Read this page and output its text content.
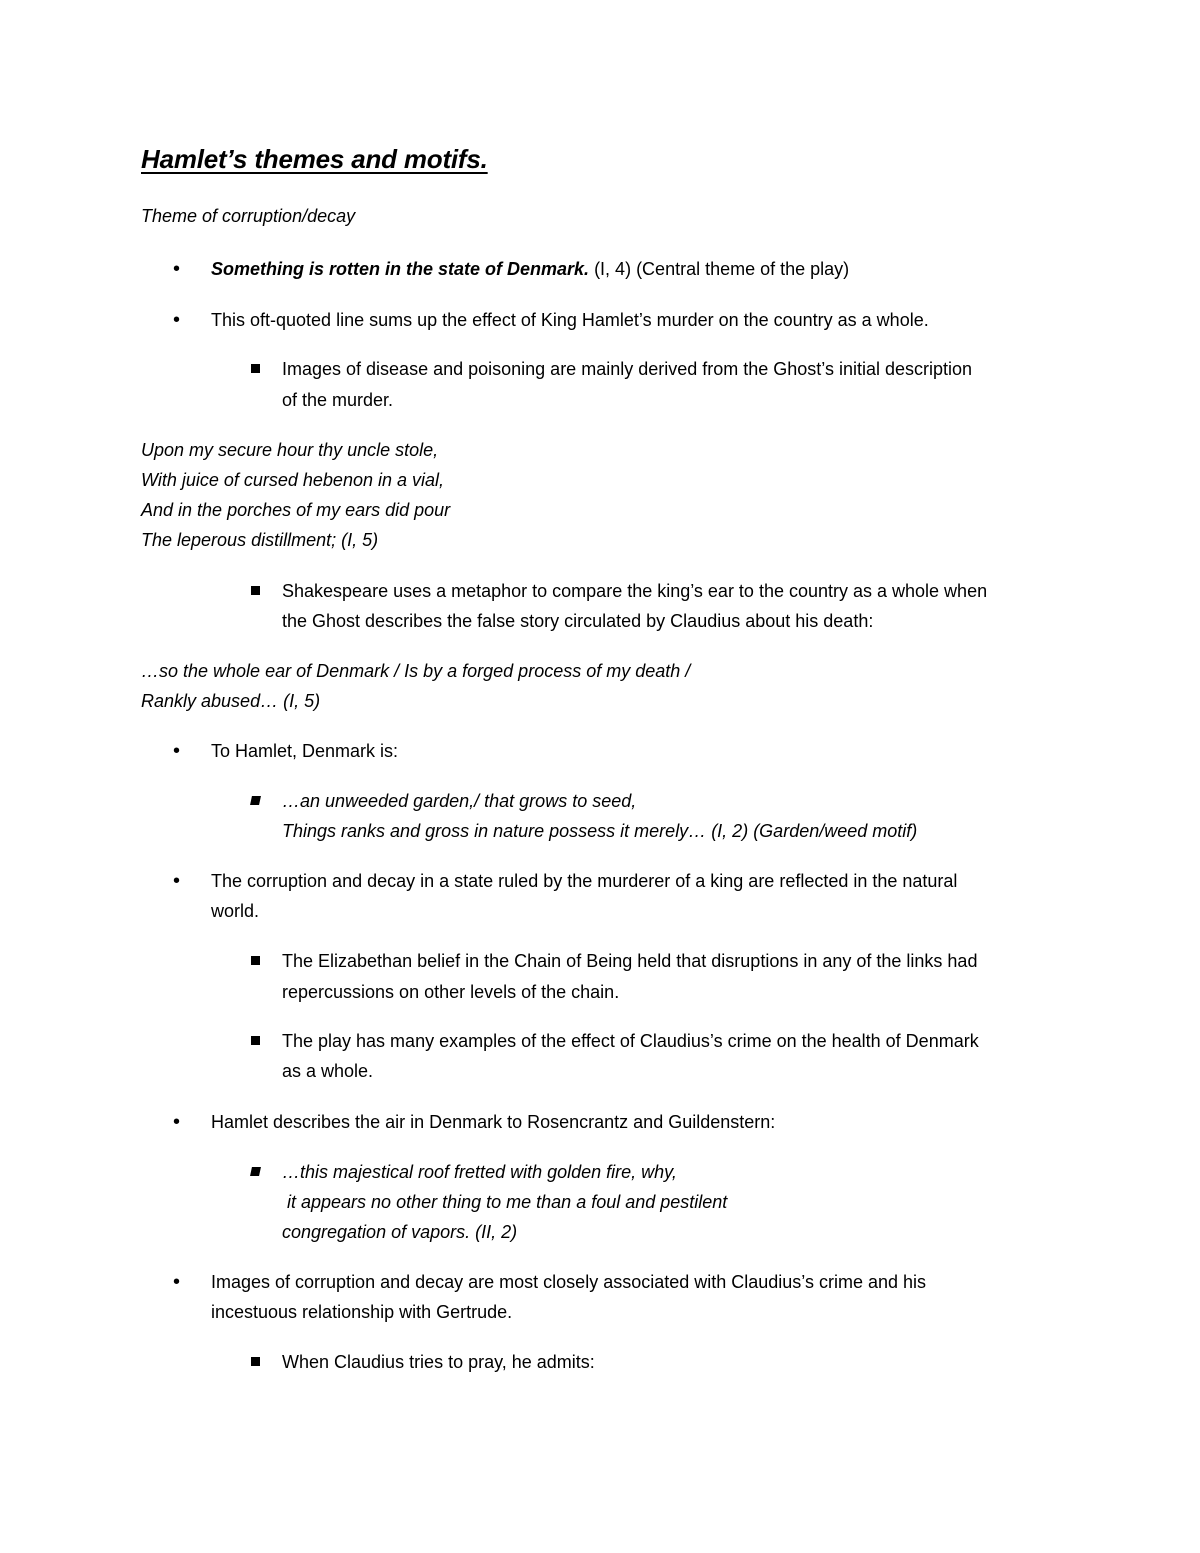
Hamlet’s themes and motifs.
Theme of corruption/decay
•	Something is rotten in the state of Denmark. (I, 4) (Central theme of the play)
•	This oft-quoted line sums up the effect of King Hamlet’s murder on the country as a whole.
Images of disease and poisoning are mainly derived from the Ghost’s initial description
of the murder.
Upon my secure hour thy uncle stole,
With juice of cursed hebenon in a vial,
And in the porches of my ears did pour
The leperous distillment; (I, 5)
Shakespeare uses a metaphor to compare the king’s ear to the country as a whole when
the Ghost describes the false story circulated by Claudius about his death:
…so the whole ear of Denmark / Is by a forged process of my death /
Rankly abused… (I, 5)
•	To Hamlet, Denmark is:
…an unweeded garden,/ that grows to seed,
Things ranks and gross in nature possess it merely… (I, 2) (Garden/weed motif)
•	The corruption and decay in a state ruled by the murderer of a king are reflected in the natural
world.
The Elizabethan belief in the Chain of Being held that disruptions in any of the links had
repercussions on other levels of the chain.
The play has many examples of the effect of Claudius’s crime on the health of Denmark
as a whole.
•	Hamlet describes the air in Denmark to Rosencrantz and Guildenstern:
…this majestical roof fretted with golden fire, why,
it appears no other thing to me than a foul and pestilent
congregation of vapors. (II, 2)
•	Images of corruption and decay are most closely associated with Claudius’s crime and his
incestuous relationship with Gertrude.
When Claudius tries to pray, he admits:
